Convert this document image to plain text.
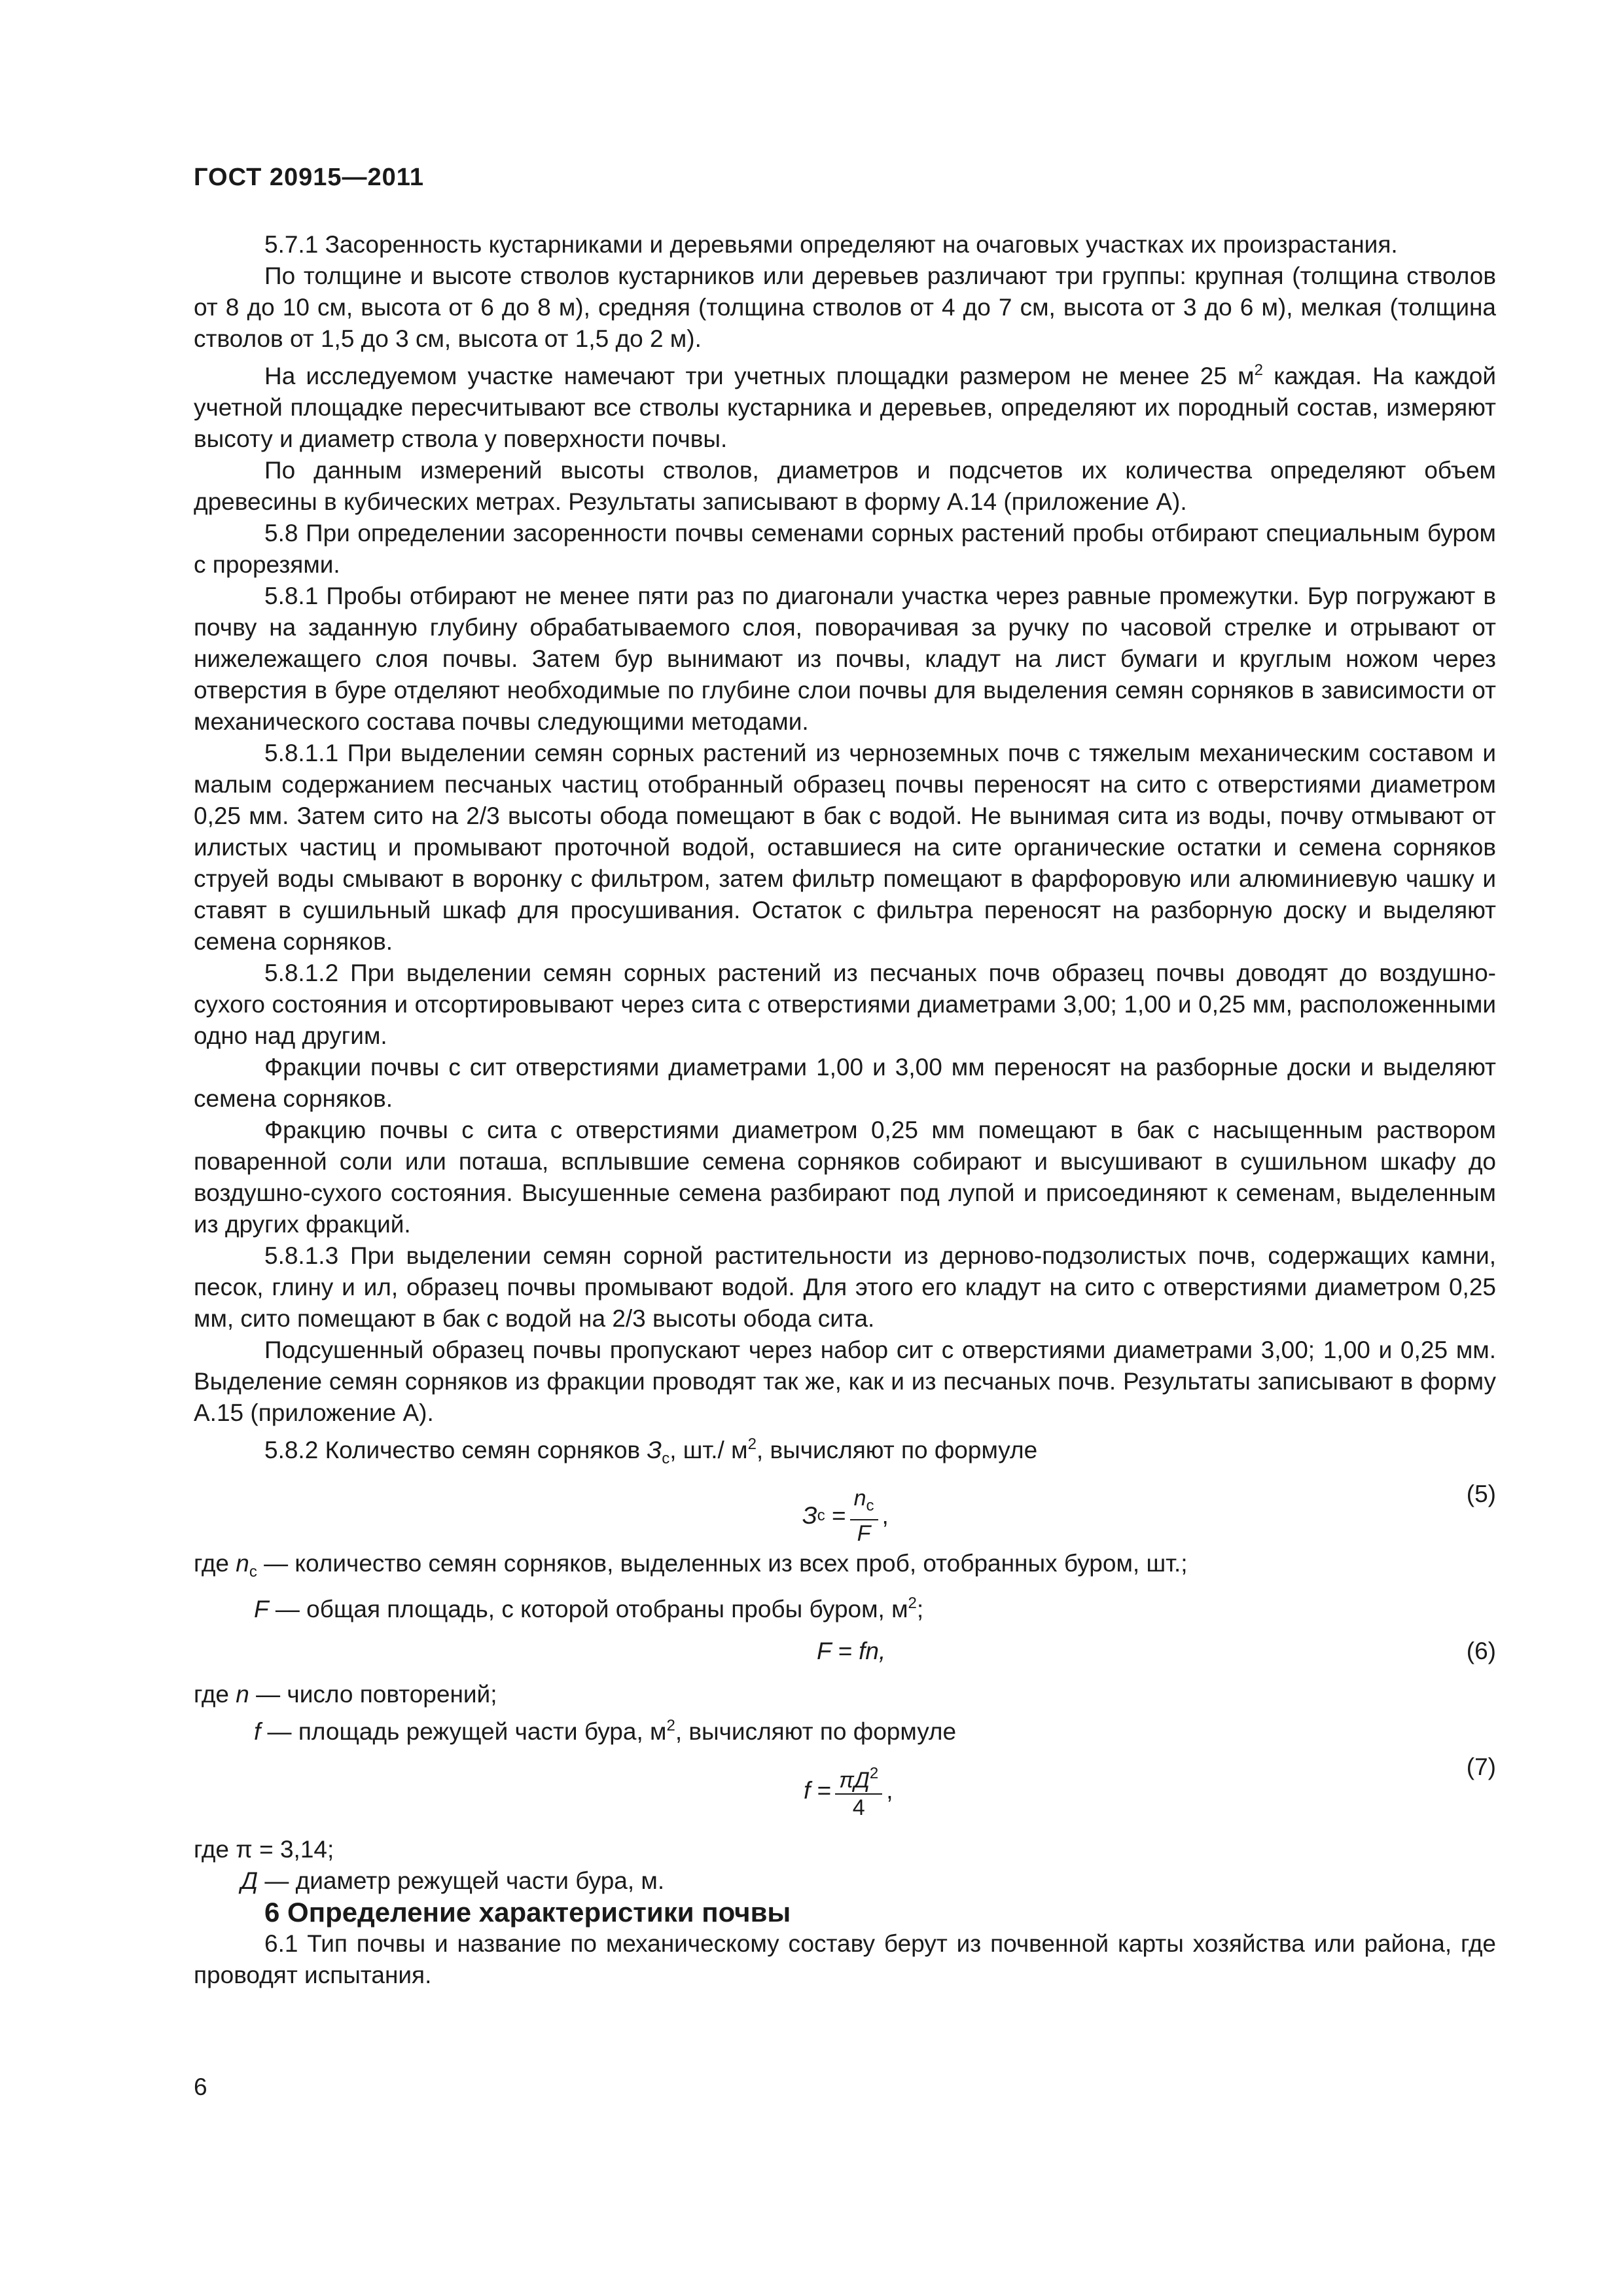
ГОСТ 20915—2011

5.7.1 Засоренность кустарниками и деревьями определяют на очаговых участках их произрастания.

По толщине и высоте стволов кустарников или деревьев различают три группы: крупная (толщина стволов от 8 до 10 см, высота от 6 до 8 м), средняя (толщина стволов от 4 до 7 см, высота от 3 до 6 м), мелкая (толщина стволов от 1,5 до 3 см, высота от 1,5 до 2 м).

На исследуемом участке намечают три учетных площадки размером не менее 25 $м^2$ каждая. На каждой учетной площадке пересчитывают все стволы кустарника и деревьев, определяют их породный состав, измеряют высоту и диаметр ствола у поверхности почвы.

По данным измерений высоты стволов, диаметров и подсчетов их количества определяют объем древесины в кубических метрах. Результаты записывают в форму А.14 (приложение А).

5.8 При определении засоренности почвы семенами сорных растений пробы отбирают специальным буром с прорезями.

5.8.1 Пробы отбирают не менее пяти раз по диагонали участка через равные промежутки. Бур погружают в почву на заданную глубину обрабатываемого слоя, поворачивая за ручку по часовой стрелке и отрывают от нижележащего слоя почвы. Затем бур вынимают из почвы, кладут на лист бумаги и круглым ножом через отверстия в буре отделяют необходимые по глубине слои почвы для выделения семян сорняков в зависимости от механического состава почвы следующими методами.

5.8.1.1 При выделении семян сорных растений из черноземных почв с тяжелым механическим составом и малым содержанием песчаных частиц отобранный образец почвы переносят на сито с отверстиями диаметром 0,25 мм. Затем сито на 2/3 высоты обода помещают в бак с водой. Не вынимая сита из воды, почву отмывают от илистых частиц и промывают проточной водой, оставшиеся на сите органические остатки и семена сорняков струей воды смывают в воронку с фильтром, затем фильтр помещают в фарфоровую или алюминиевую чашку и ставят в сушильный шкаф для просушивания. Остаток с фильтра переносят на разборную доску и выделяют семена сорняков.

5.8.1.2 При выделении семян сорных растений из песчаных почв образец почвы доводят до воздушно-сухого состояния и отсортировывают через сита с отверстиями диаметрами 3,00; 1,00 и 0,25 мм, расположенными одно над другим.

Фракции почвы с сит отверстиями диаметрами 1,00 и 3,00 мм переносят на разборные доски и выделяют семена сорняков.

Фракцию почвы с сита с отверстиями диаметром 0,25 мм помещают в бак с насыщенным раствором поваренной соли или поташа, всплывшие семена сорняков собирают и высушивают в сушильном шкафу до воздушно-сухого состояния. Высушенные семена разбирают под лупой и присоединяют к семенам, выделенным из других фракций.

5.8.1.3 При выделении семян сорной растительности из дерново-подзолистых почв, содержащих камни, песок, глину и ил, образец почвы промывают водой. Для этого его кладут на сито с отверстиями диаметром 0,25 мм, сито помещают в бак с водой на 2/3 высоты обода сита.

Подсушенный образец почвы пропускают через набор сит с отверстиями диаметрами 3,00; 1,00 и 0,25 мм. Выделение семян сорняков из фракции проводят так же, как и из песчаных почв. Результаты записывают в форму А.15 (приложение А).

5.8.2 Количество семян сорняков $З_с$, шт./ $м^2$, вычисляют по формуле

З с
= $\frac{n_с}{F}$ ,
(5)

где $n_с$ — количество семян сорняков, выделенных из всех проб, отобранных буром, шт.;

F — общая площадь, с которой отобраны пробы буром, $м^2$;

F = fn,	(6)

где n — число повторений;

f — площадь режущей части бура, $м^2$, вычисляют по формуле

f
= $\frac{\pi Д^2}{4}$ ,
(7)

где π = 3,14;

Д — диаметр режущей части бура, м.

6 Определение характеристики почвы

6.1 Тип почвы и название по механическому составу берут из почвенной карты хозяйства или района, где проводят испытания.

6
